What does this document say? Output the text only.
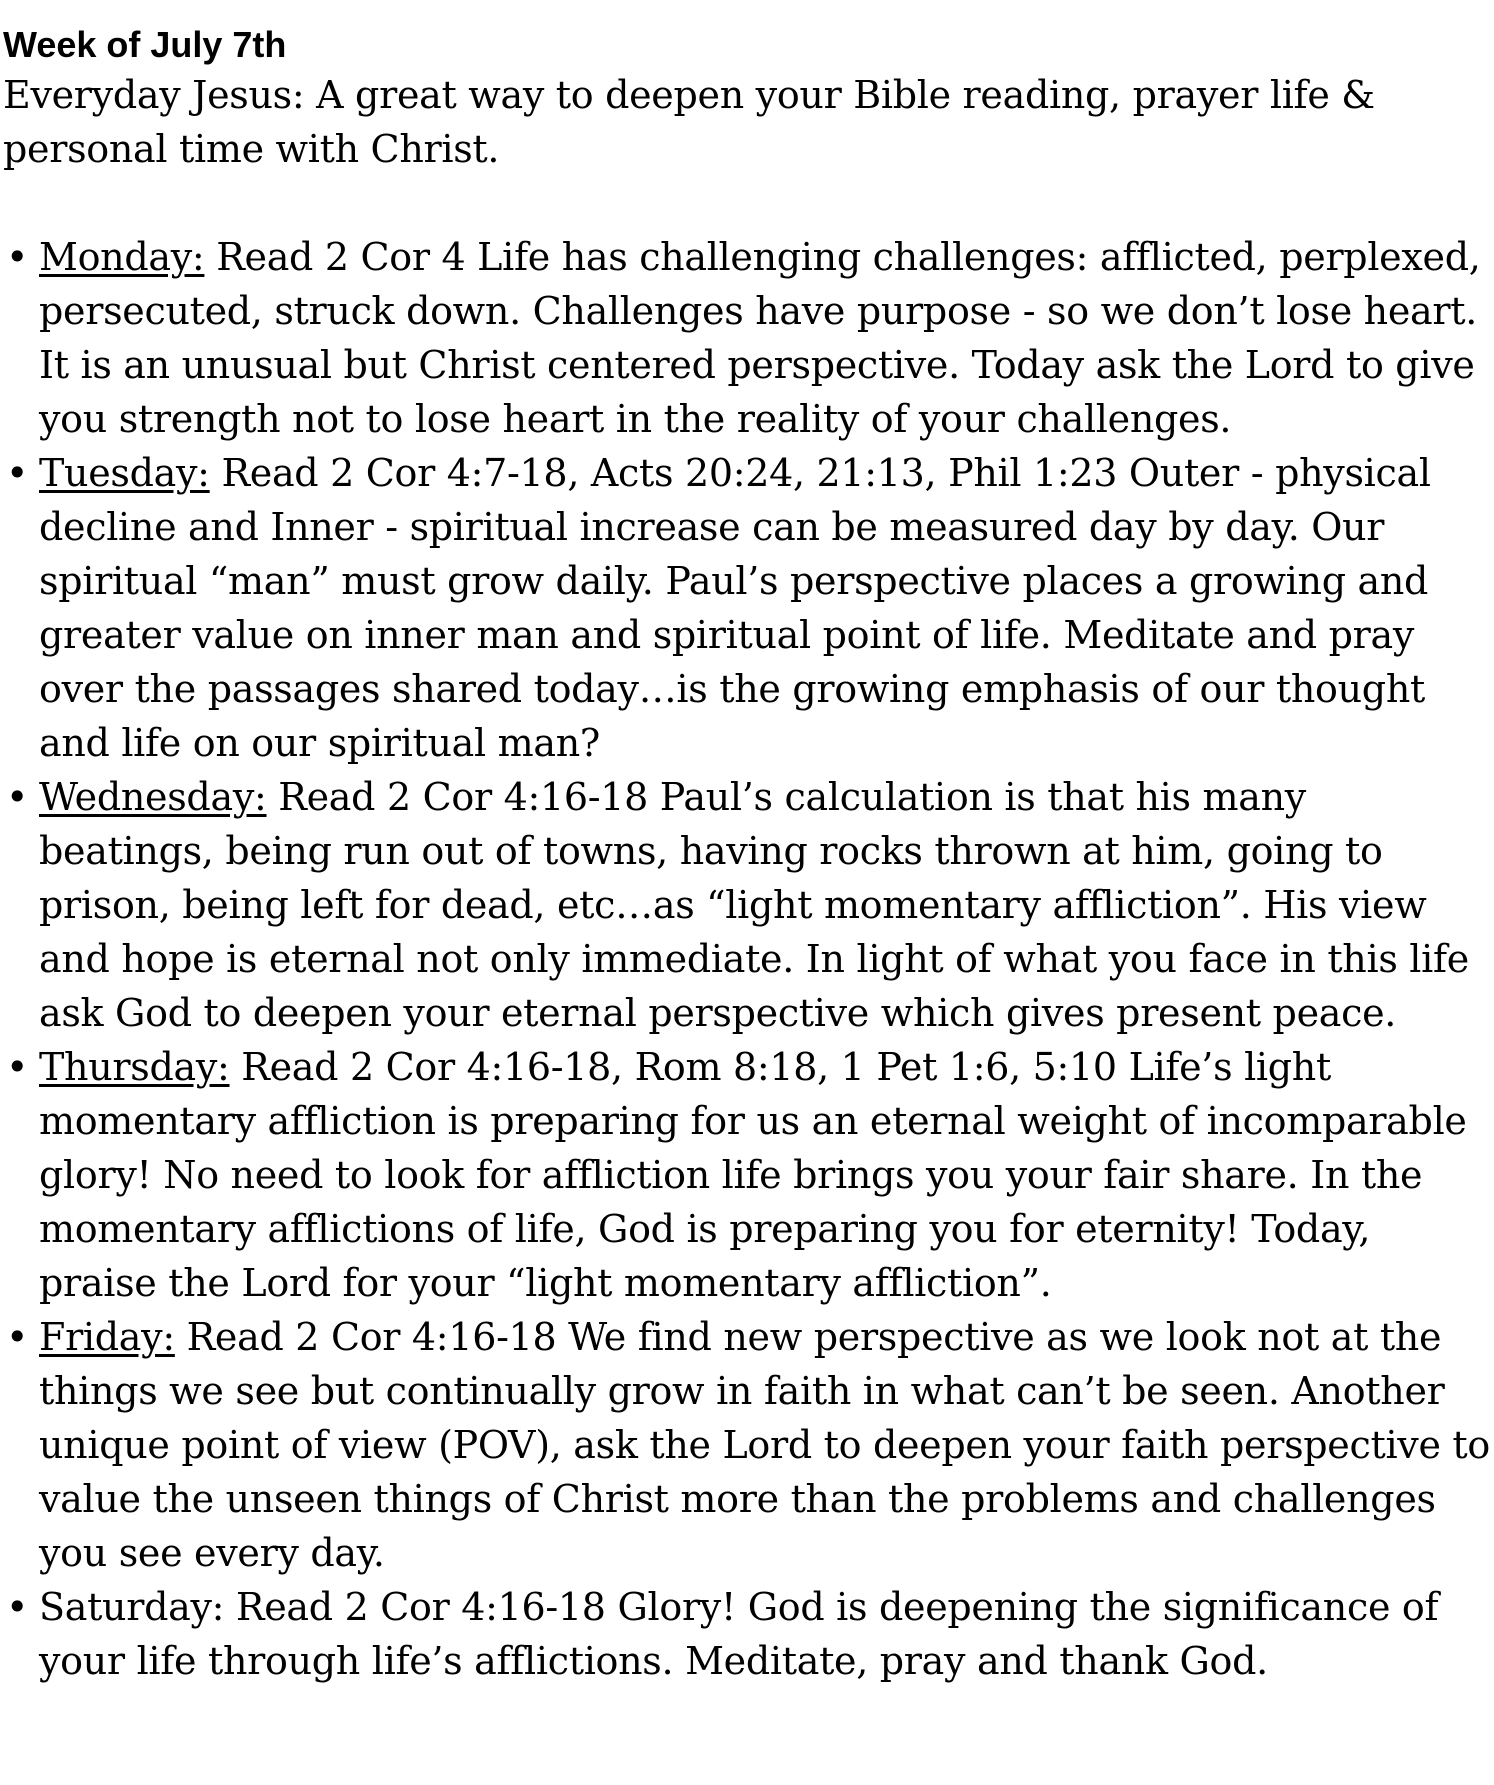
Week of July 7th
Everyday Jesus: A great way to deepen your Bible reading, prayer life & personal time with Christ.
• Monday: Read 2 Cor 4 Life has challenging challenges: afflicted, perplexed, persecuted, struck down. Challenges have purpose - so we don’t lose heart. It is an unusual but Christ centered perspective. Today ask the Lord to give you strength not to lose heart in the reality of your challenges.
• Tuesday: Read 2 Cor 4:7-18, Acts 20:24, 21:13, Phil 1:23 Outer - physical decline and Inner - spiritual increase can be measured day by day. Our spiritual “man” must grow daily. Paul’s perspective places a growing and greater value on inner man and spiritual point of life. Meditate and pray over the passages shared today…is the growing emphasis of our thought and life on our spiritual man?
• Wednesday: Read 2 Cor 4:16-18 Paul’s calculation is that his many beatings, being run out of towns, having rocks thrown at him, going to prison, being left for dead, etc…as “light momentary affliction”. His view and hope is eternal not only immediate. In light of what you face in this life ask God to deepen your eternal perspective which gives present peace.
• Thursday: Read 2 Cor 4:16-18, Rom 8:18, 1 Pet 1:6, 5:10 Life’s light momentary affliction is preparing for us an eternal weight of incomparable glory! No need to look for affliction life brings you your fair share. In the momentary afflictions of life, God is preparing you for eternity! Today, praise the Lord for your “light momentary affliction”.
• Friday: Read 2 Cor 4:16-18 We find new perspective as we look not at the things we see but continually grow in faith in what can’t be seen. Another unique point of view (POV), ask the Lord to deepen your faith perspective to value the unseen things of Christ more than the problems and challenges you see every day.
• Saturday: Read 2 Cor 4:16-18 Glory! God is deepening the significance of your life through life’s afflictions. Meditate, pray and thank God.
